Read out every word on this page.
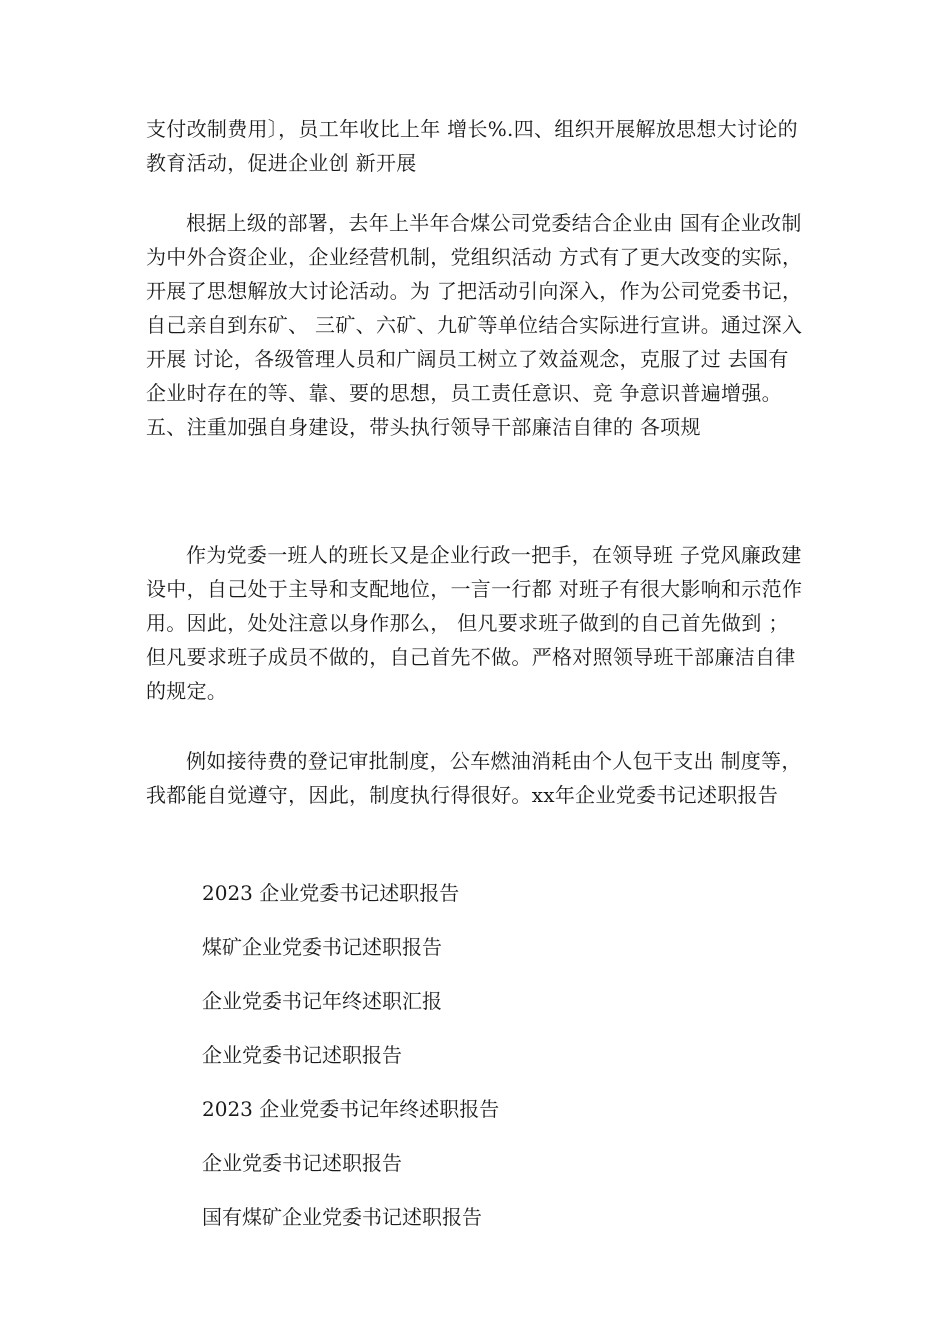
支付改制费用〕，员工年收比上年 增长%.四、组织开展解放思想大讨论的教育活动，促进企业创 新开展

根据上级的部署，去年上半年合煤公司党委结合企业由 国有企业改制为中外合资企业，企业经营机制，党组织活动 方式有了更大改变的实际，开展了思想解放大讨论活动。为 了把活动引向深入，作为公司党委书记，自己亲自到东矿、 三矿、六矿、九矿等单位结合实际进行宣讲。通过深入开展 讨论，各级管理人员和广阔员工树立了效益观念，克服了过 去国有企业时存在的等、靠、要的思想，员工责任意识、竞 争意识普遍增强。五、注重加强自身建设，带头执行领导干部廉洁自律的 各项规

作为党委一班人的班长又是企业行政一把手，在领导班 子党风廉政建设中，自己处于主导和支配地位，一言一行都 对班子有很大影响和示范作用。因此，处处注意以身作那么， 但凡要求班子做到的自己首先做到 ；但凡要求班子成员不做的，自己首先不做。严格对照领导班干部廉洁自律的规定。

例如接待费的登记审批制度，公车燃油消耗由个人包干支出 制度等，我都能自觉遵守，因此，制度执行得很好。xx年企业党委书记述职报告

2023 企业党委书记述职报告

煤矿企业党委书记述职报告

企业党委书记年终述职汇报

企业党委书记述职报告

2023 企业党委书记年终述职报告

企业党委书记述职报告

国有煤矿企业党委书记述职报告
